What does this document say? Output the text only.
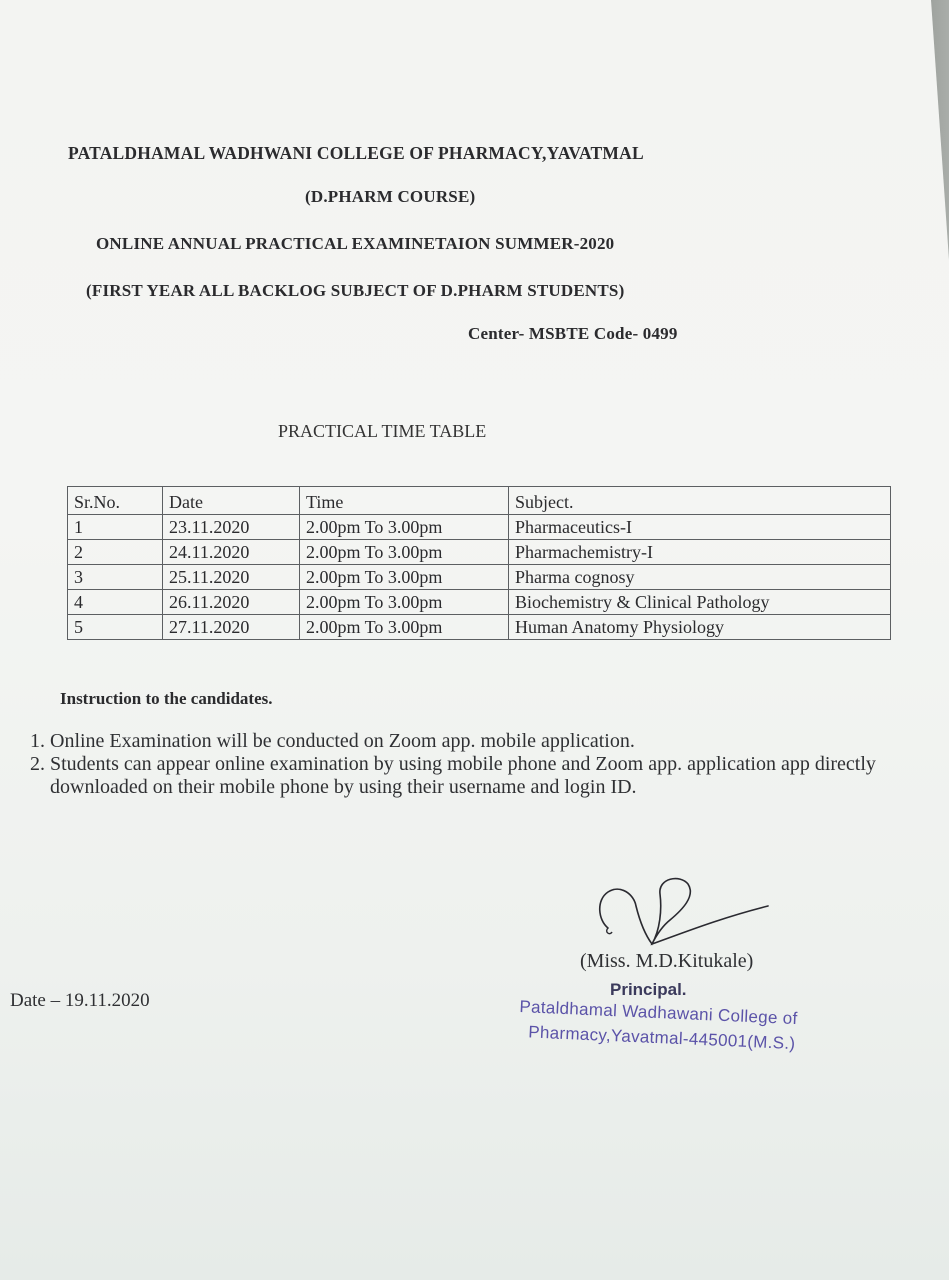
PATALDHAMAL WADHWANI COLLEGE OF PHARMACY,YAVATMAL
(D.PHARM COURSE)
ONLINE ANNUAL PRACTICAL EXAMINETAION SUMMER-2020
(FIRST YEAR ALL BACKLOG SUBJECT OF D.PHARM STUDENTS)
Center- MSBTE Code- 0499
PRACTICAL TIME TABLE
Sr.No.	Date	Time	Subject.
1	23.11.2020	2.00pm To 3.00pm	Pharmaceutics-I
2	24.11.2020	2.00pm To 3.00pm	Pharmachemistry-I
3	25.11.2020	2.00pm To 3.00pm	Pharma cognosy
4	26.11.2020	2.00pm To 3.00pm	Biochemistry & Clinical Pathology
5	27.11.2020	2.00pm To 3.00pm	Human Anatomy Physiology
Instruction to the candidates.
1. Online Examination will be conducted on Zoom app. mobile application.
2. Students can appear online examination by using mobile phone and Zoom app. application app directly downloaded on their mobile phone by using their username and login ID.
(Miss. M.D.Kitukale)
Principal.
Pataldhamal Wadhawani College of
Pharmacy,Yavatmal-445001(M.S.)
Date – 19.11.2020
